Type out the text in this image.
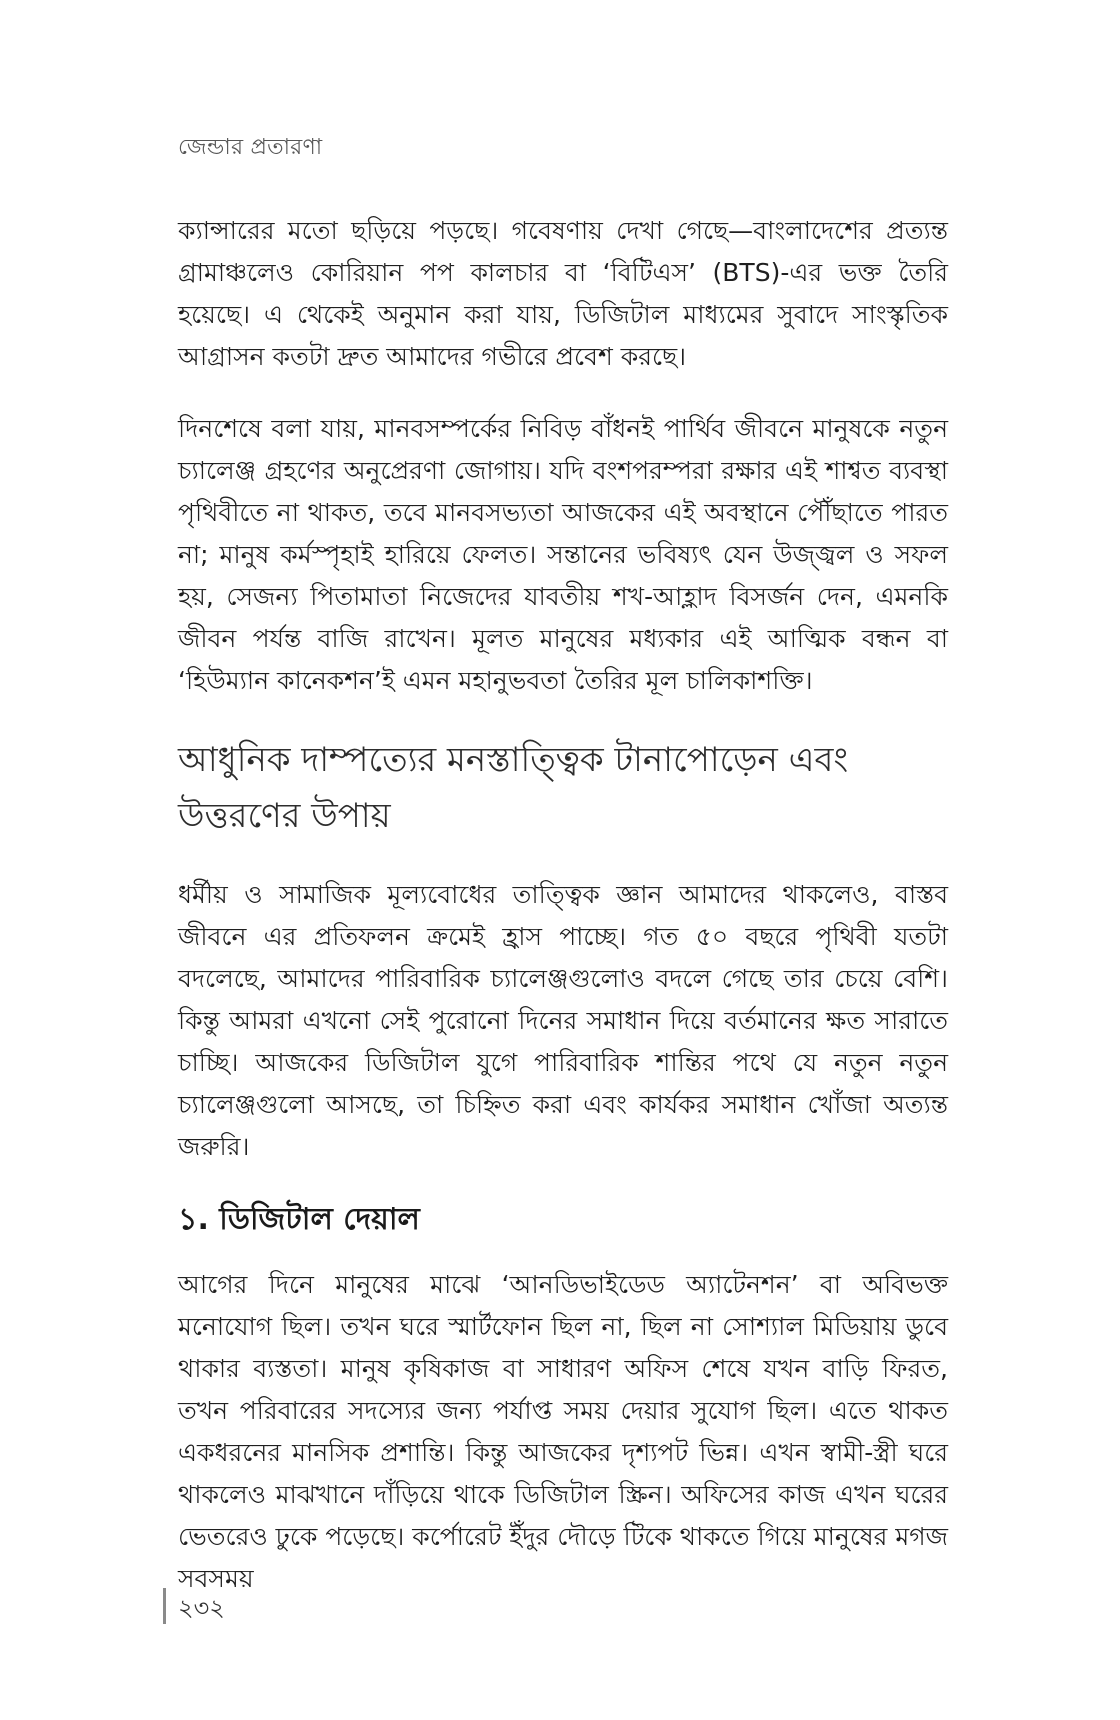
জেন্ডার প্রতারণা

ক্যান্সারের মতো ছড়িয়ে পড়ছে। গবেষণায় দেখা গেছে—বাংলাদেশের প্রত্যন্ত গ্রামাঞ্চলেও কোরিয়ান পপ কালচার বা ‘বিটিএস’ (BTS)-এর ভক্ত তৈরি হয়েছে। এ থেকেই অনুমান করা যায়, ডিজিটাল মাধ্যমের সুবাদে সাংস্কৃতিক আগ্রাসন কতটা দ্রুত আমাদের গভীরে প্রবেশ করছে।

দিনশেষে বলা যায়, মানবসম্পর্কের নিবিড় বাঁধনই পার্থিব জীবনে মানুষকে নতুন চ্যালেঞ্জ গ্রহণের অনুপ্রেরণা জোগায়। যদি বংশপরম্পরা রক্ষার এই শাশ্বত ব্যবস্থা পৃথিবীতে না থাকত, তবে মানবসভ্যতা আজকের এই অবস্থানে পৌঁছাতে পারত না; মানুষ কর্মস্পৃহাই হারিয়ে ফেলত। সন্তানের ভবিষ্যৎ যেন উজ্জ্বল ও সফল হয়, সেজন্য পিতামাতা নিজেদের যাবতীয় শখ-আহ্লাদ বিসর্জন দেন, এমনকি জীবন পর্যন্ত বাজি রাখেন। মূলত মানুষের মধ্যকার এই আত্মিক বন্ধন বা ‘হিউম্যান কানেকশন’ই এমন মহানুভবতা তৈরির মূল চালিকাশক্তি।

আধুনিক দাম্পত্যের মনস্তাত্ত্বিক টানাপোড়েন এবং উত্তরণের উপায়

ধর্মীয় ও সামাজিক মূল্যবোধের তাত্ত্বিক জ্ঞান আমাদের থাকলেও, বাস্তব জীবনে এর প্রতিফলন ক্রমেই হ্রাস পাচ্ছে। গত ৫০ বছরে পৃথিবী যতটা বদলেছে, আমাদের পারিবারিক চ্যালেঞ্জগুলোও বদলে গেছে তার চেয়ে বেশি। কিন্তু আমরা এখনো সেই পুরোনো দিনের সমাধান দিয়ে বর্তমানের ক্ষত সারাতে চাচ্ছি। আজকের ডিজিটাল যুগে পারিবারিক শান্তির পথে যে নতুন নতুন চ্যালেঞ্জগুলো আসছে, তা চিহ্নিত করা এবং কার্যকর সমাধান খোঁজা অত্যন্ত জরুরি।

১. ডিজিটাল দেয়াল

আগের দিনে মানুষের মাঝে ‘আনডিভাইডেড অ্যাটেনশন’ বা অবিভক্ত মনোযোগ ছিল। তখন ঘরে স্মার্টফোন ছিল না, ছিল না সোশ্যাল মিডিয়ায় ডুবে থাকার ব্যস্ততা। মানুষ কৃষিকাজ বা সাধারণ অফিস শেষে যখন বাড়ি ফিরত, তখন পরিবারের সদস্যের জন্য পর্যাপ্ত সময় দেয়ার সুযোগ ছিল। এতে থাকত একধরনের মানসিক প্রশান্তি। কিন্তু আজকের দৃশ্যপট ভিন্ন। এখন স্বামী-স্ত্রী ঘরে থাকলেও মাঝখানে দাঁড়িয়ে থাকে ডিজিটাল স্ক্রিন। অফিসের কাজ এখন ঘরের ভেতরেও ঢুকে পড়েছে। কর্পোরেট ইঁদুর দৌড়ে টিকে থাকতে গিয়ে মানুষের মগজ সবসময়

২৩২
